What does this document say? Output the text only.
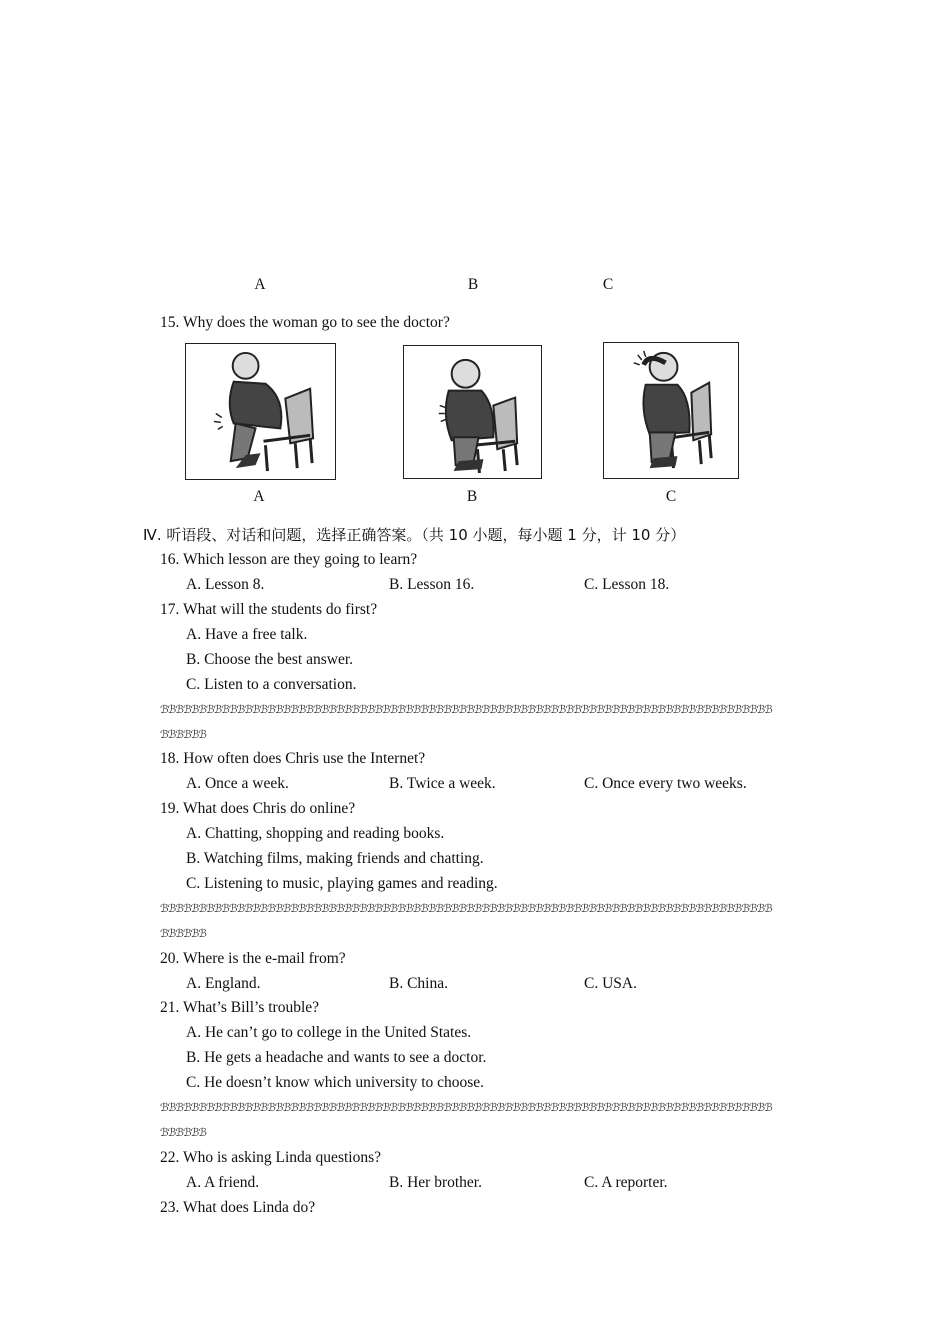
A	B	C
15. Why does the woman go to see the doctor?
A	B	C
Ⅳ. 听语段、对话和问题，选择正确答案。（共 10 小题，每小题 1 分，计 10 分）
16. Which lesson are they going to learn?
A. Lesson 8.	B. Lesson 16.	C. Lesson 18.
17. What will the students do first?
A. Have a free talk.
B. Choose the best answer.
C. Listen to a conversation.
ℬℬℬℬℬℬℬℬℬℬℬℬℬℬℬℬℬℬℬℬℬℬℬℬℬℬℬℬℬℬℬℬℬℬℬℬℬℬℬℬℬℬℬℬℬℬℬℬℬℬℬℬℬℬℬℬℬℬℬℬℬℬℬℬℬℬℬℬℬℬℬℬℬℬℬℬℬℬℬℬ
ℬℬℬℬℬℬ
18. How often does Chris use the Internet?
A. Once a week.	B. Twice a week.	C. Once every two weeks.
19. What does Chris do online?
A. Chatting, shopping and reading books.
B. Watching films, making friends and chatting.
C. Listening to music, playing games and reading.
ℬℬℬℬℬℬℬℬℬℬℬℬℬℬℬℬℬℬℬℬℬℬℬℬℬℬℬℬℬℬℬℬℬℬℬℬℬℬℬℬℬℬℬℬℬℬℬℬℬℬℬℬℬℬℬℬℬℬℬℬℬℬℬℬℬℬℬℬℬℬℬℬℬℬℬℬℬℬℬℬ
ℬℬℬℬℬℬ
20. Where is the e-mail from?
A. England.	B. China.	C. USA.
21. What’s Bill’s trouble?
A. He can’t go to college in the United States.
B. He gets a headache and wants to see a doctor.
C. He doesn’t know which university to choose.
ℬℬℬℬℬℬℬℬℬℬℬℬℬℬℬℬℬℬℬℬℬℬℬℬℬℬℬℬℬℬℬℬℬℬℬℬℬℬℬℬℬℬℬℬℬℬℬℬℬℬℬℬℬℬℬℬℬℬℬℬℬℬℬℬℬℬℬℬℬℬℬℬℬℬℬℬℬℬℬℬ
ℬℬℬℬℬℬ
22. Who is asking Linda questions?
A. A friend.	B. Her brother.	C. A reporter.
23. What does Linda do?
